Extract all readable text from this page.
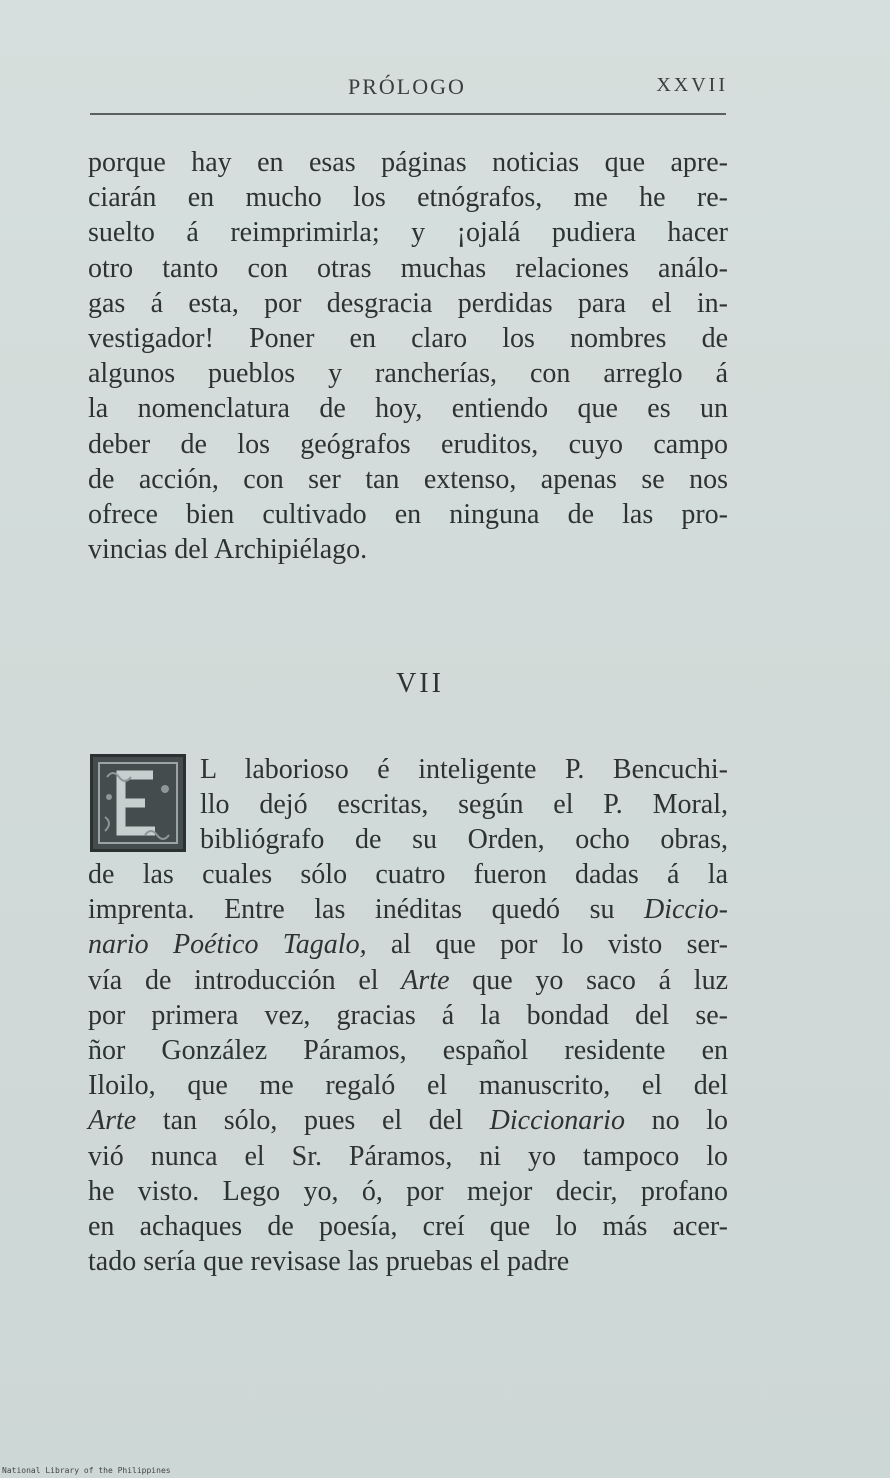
PRÓLOGO	XXVII
porque hay en esas páginas noticias que apre-
ciarán en mucho los etnógrafos, me he re-
suelto á reimprimirla; y ¡ojalá pudiera hacer
otro tanto con otras muchas relaciones análo-
gas á esta, por desgracia perdidas para el in-
vestigador! Poner en claro los nombres de
algunos pueblos y rancherías, con arreglo á
la nomenclatura de hoy, entiendo que es un
deber de los geógrafos eruditos, cuyo campo
de acción, con ser tan extenso, apenas se nos
ofrece bien cultivado en ninguna de las pro-
vincias del Archipiélago.
VII
L laborioso é inteligente P. Bencuchi-
llo dejó escritas, según el P. Moral,
bibliógrafo de su Orden, ocho obras,
de las cuales sólo cuatro fueron dadas á la
imprenta. Entre las inéditas quedó su Diccio-
nario Poético Tagalo, al que por lo visto ser-
vía de introducción el Arte que yo saco á luz
por primera vez, gracias á la bondad del se-
ñor González Páramos, español residente en
Iloilo, que me regaló el manuscrito, el del
Arte tan sólo, pues el del Diccionario no lo
vió nunca el Sr. Páramos, ni yo tampoco lo
he visto. Lego yo, ó, por mejor decir, profano
en achaques de poesía, creí que lo más acer-
tado sería que revisase las pruebas el padre
National Library of the Philippines
